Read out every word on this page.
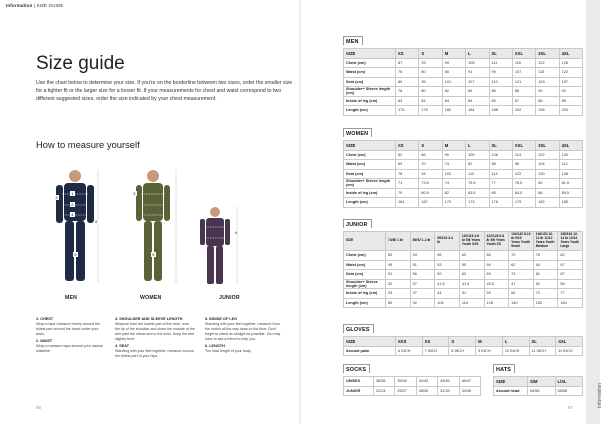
Information | SIZE GUIDE
Size guide
Use the chart below to determine your size. If you're on the borderline between two sizes, order the smaller size for a tighter fit or the larger size for a looser fit. If your measurements for chest and waist correspond to two different suggested sizes, order the size indicated by your chest measurement.
How to measure yourself
1
2
3
4
5
6
MEN
3
5
WOMEN
6
JUNIOR
1. CHEST
Wrap a tape measure evenly around the fullest part around the chest under your arms.
2. WAIST
Wrap a measure tape around your natural waistline.
3. SHOULDER AND SLEEVE LENGTH
Measure from the lowest part of the neck, over the tip of the shoulder and down the outside of the arm past the elbow and to the wrist. Keep the arm slightly bent.
4. SEAT
Standing with your feet together, measure around the fullest part of your hips.
5. INSIDE OF LEG
Standing with your feet together, measure from the crotch all the way down to the floor. Don't forget to stand as straight as possible. You may have to ask a friend to help you.
6. LENGTH
The total length of your body.
86	87	Information
MEN
SIZE	XS	S	M	L	XL	XXL	3XL	4XL
Chest (cm)	87	93	99	105	111	116	122	128
Waist (cm)	76	80	85	91	99	107	115	122
Seat (cm)	89	95	101	107	113	121	129	137
Shoulder+ Sleeve length (cm)	78	80	82	84	86	88	90	92
Inside of leg (cm)	83	84	84	84	85	87	88	89
Length (cm)	173	176	180	184	188	192	196	200
WOMEN
SIZE	XS	S	M	L	XL	XXL	3XL	4XL
Chest (cm)	82	86	90	100	106	114	122	130
Waist (cm)	69	70	74	82	88	96	104	112
Seat (cm)	78	94	102	110	114	122	130	138
Shoulder+ Sleeve length (cm)	71	73.5	74	75.5	77	78.5	80	81.5
Inside of leg (cm)	79	80.5	82	83.5	85	84.5	88	89.5
Length (cm)	164	167	170	173	176	179	182	185
JUNIOR
SIZE	74/80 1 år	86/92 1-2 år	98/104 3-4 år	110/116 4-6 år 5/6 Years Youth XXS	122/128 6-8 år 5/6 Years Youth XS	134/140 8-10 år 9/10 Years Youth Small	146/152 10-12 år 11/12 Years Youth Medium	158/164 12-14 år 13/14 Years Youth Large
Chest (cm)	50	54	56	60	66	70	76	82
Waist (cm)	49	51	53	55	59	62	64	67
Seat (cm)	51	56	59	63	69	73	81	87
Shoulder+ Sleeve length (cm)	32	37	41.5	41.5	45.5	47	52	56
Inside of leg (cm)	33	37	44	51	59	66	72	77
Length (cm)	80	92	104	116	128	140	152	164
GLOVES
SIZE	XXS	XS	S	M	L	XL	XXL
Around palm	6 INCH	7 INCH	8 INCH	9 INCH	10 INCH	11 INCH	11 INCH
SOCKS
UNISEX	36/38	39/40	41/42	43/45	46/47
JUNIOR	22/24	25/27	28/30	31/33	34/36
HATS
SIZE	S/M	L/XL
Around head	54/56	58/58
